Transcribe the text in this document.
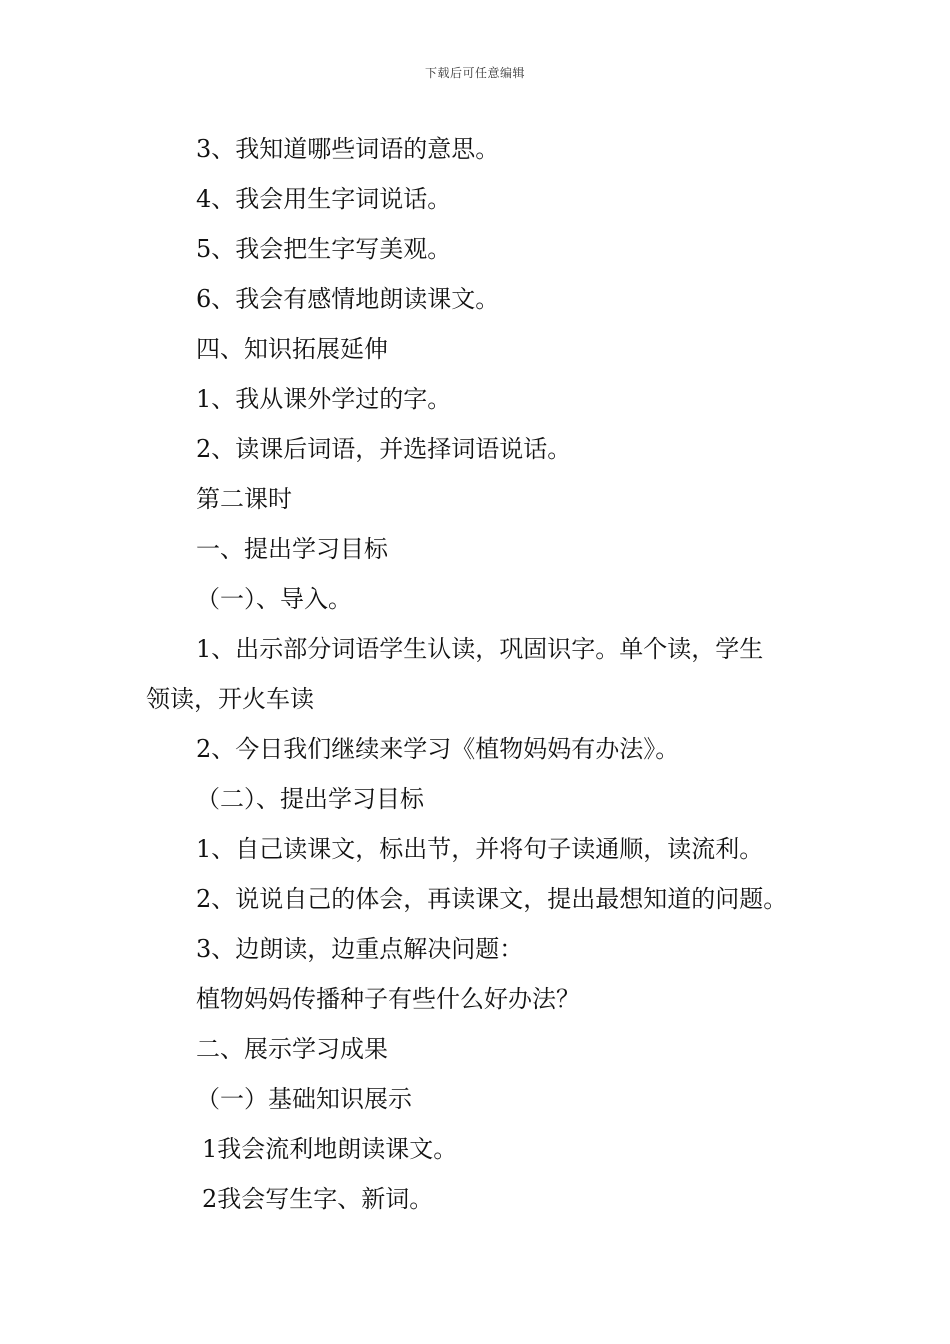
下载后可任意编辑
3、我知道哪些词语的意思。
4、我会用生字词说话。
5、我会把生字写美观。
6、我会有感情地朗读课文。
四、知识拓展延伸
1、我从课外学过的字。
2、读课后词语，并选择词语说话。
第二课时
一、提出学习目标
（一）、导入。
1、出示部分词语学生认读，巩固识字。单个读，学生
领读，开火车读
2、今日我们继续来学习《植物妈妈有办法》。
（二）、提出学习目标
1、自己读课文，标出节，并将句子读通顺，读流利。
2、说说自己的体会，再读课文，提出最想知道的问题。
3、边朗读，边重点解决问题：
植物妈妈传播种子有些什么好办法？
二、展示学习成果
（一）基础知识展示
1我会流利地朗读课文。
2我会写生字、新词。
